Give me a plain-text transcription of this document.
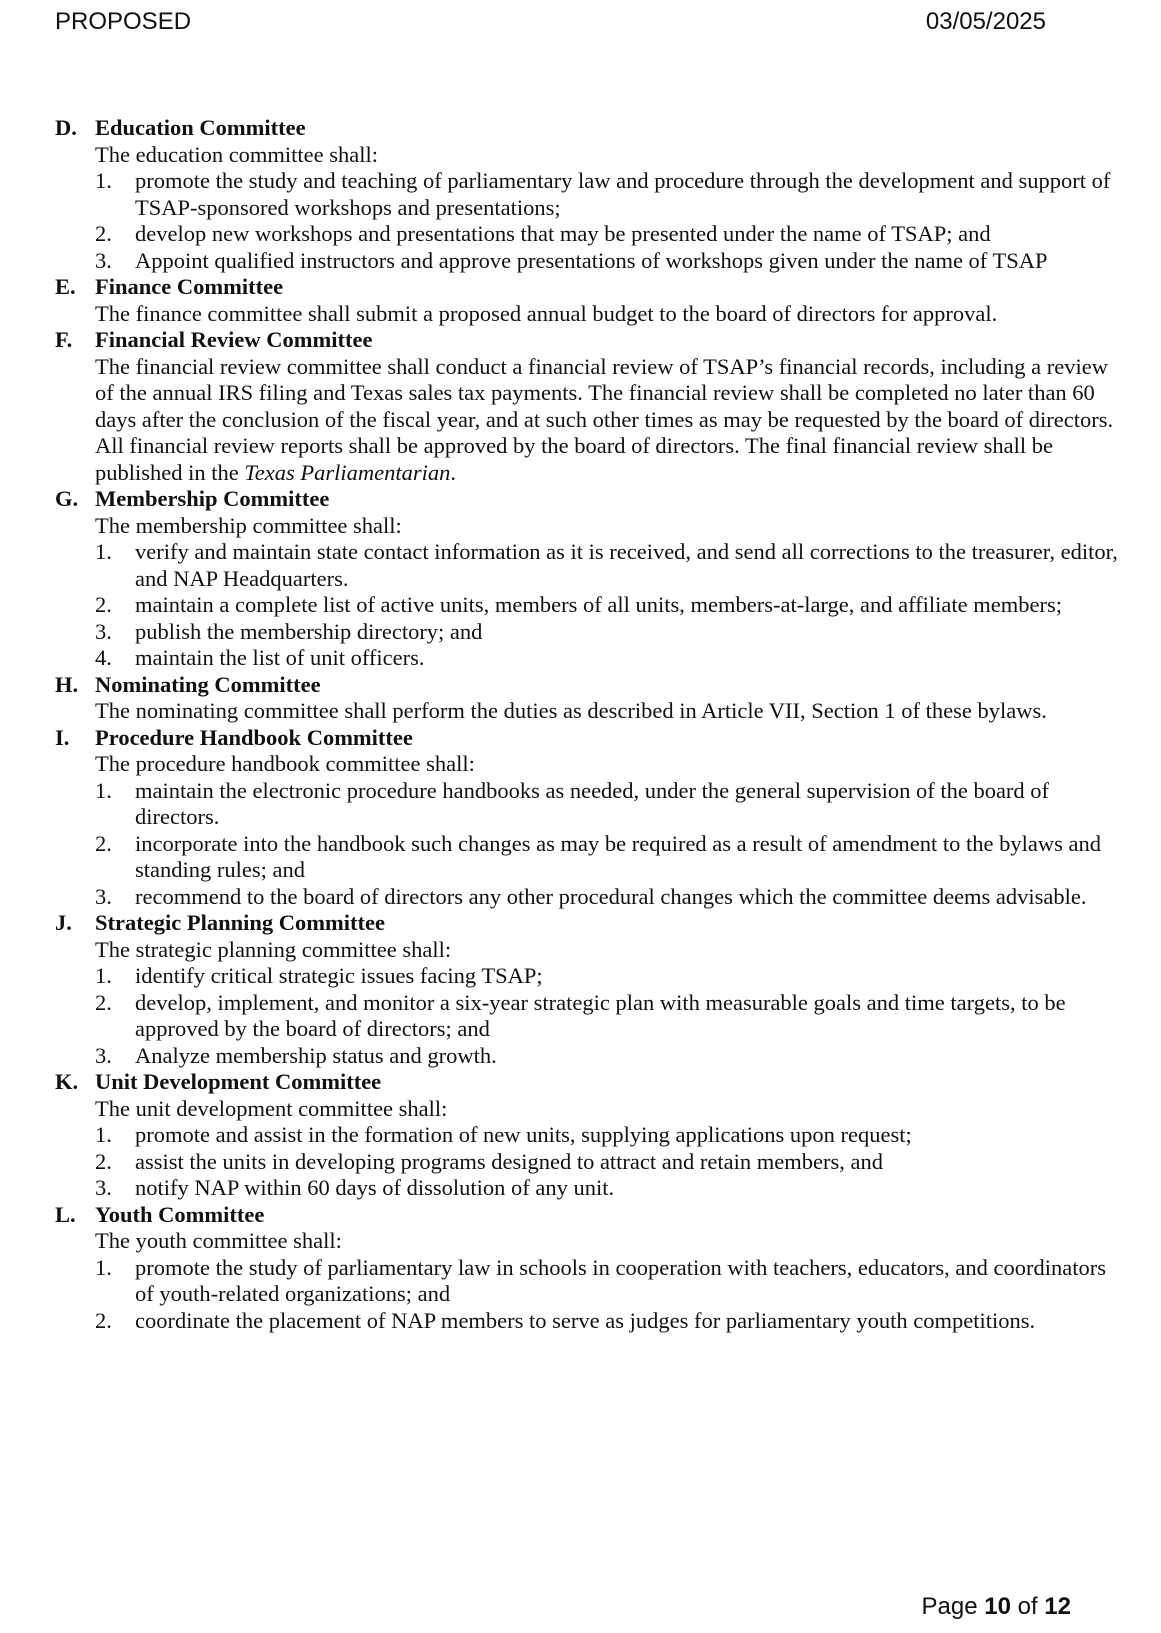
PROPOSED	03/05/2025
D. Education Committee
The education committee shall:
1. promote the study and teaching of parliamentary law and procedure through the development and support of TSAP-sponsored workshops and presentations;
2. develop new workshops and presentations that may be presented under the name of TSAP; and
3. Appoint qualified instructors and approve presentations of workshops given under the name of TSAP
E. Finance Committee
The finance committee shall submit a proposed annual budget to the board of directors for approval.
F. Financial Review Committee
The financial review committee shall conduct a financial review of TSAP’s financial records, including a review of the annual IRS filing and Texas sales tax payments. The financial review shall be completed no later than 60 days after the conclusion of the fiscal year, and at such other times as may be requested by the board of directors. All financial review reports shall be approved by the board of directors. The final financial review shall be published in the Texas Parliamentarian.
G. Membership Committee
The membership committee shall:
1. verify and maintain state contact information as it is received, and send all corrections to the treasurer, editor, and NAP Headquarters.
2. maintain a complete list of active units, members of all units, members-at-large, and affiliate members;
3. publish the membership directory; and
4. maintain the list of unit officers.
H. Nominating Committee
The nominating committee shall perform the duties as described in Article VII, Section 1 of these bylaws.
I. Procedure Handbook Committee
The procedure handbook committee shall:
1. maintain the electronic procedure handbooks as needed, under the general supervision of the board of directors.
2. incorporate into the handbook such changes as may be required as a result of amendment to the bylaws and standing rules; and
3. recommend to the board of directors any other procedural changes which the committee deems advisable.
J. Strategic Planning Committee
The strategic planning committee shall:
1. identify critical strategic issues facing TSAP;
2. develop, implement, and monitor a six-year strategic plan with measurable goals and time targets, to be approved by the board of directors; and
3. Analyze membership status and growth.
K. Unit Development Committee
The unit development committee shall:
1. promote and assist in the formation of new units, supplying applications upon request;
2. assist the units in developing programs designed to attract and retain members, and
3. notify NAP within 60 days of dissolution of any unit.
L. Youth Committee
The youth committee shall:
1. promote the study of parliamentary law in schools in cooperation with teachers, educators, and coordinators of youth-related organizations; and
2. coordinate the placement of NAP members to serve as judges for parliamentary youth competitions.
Page 10 of 12
